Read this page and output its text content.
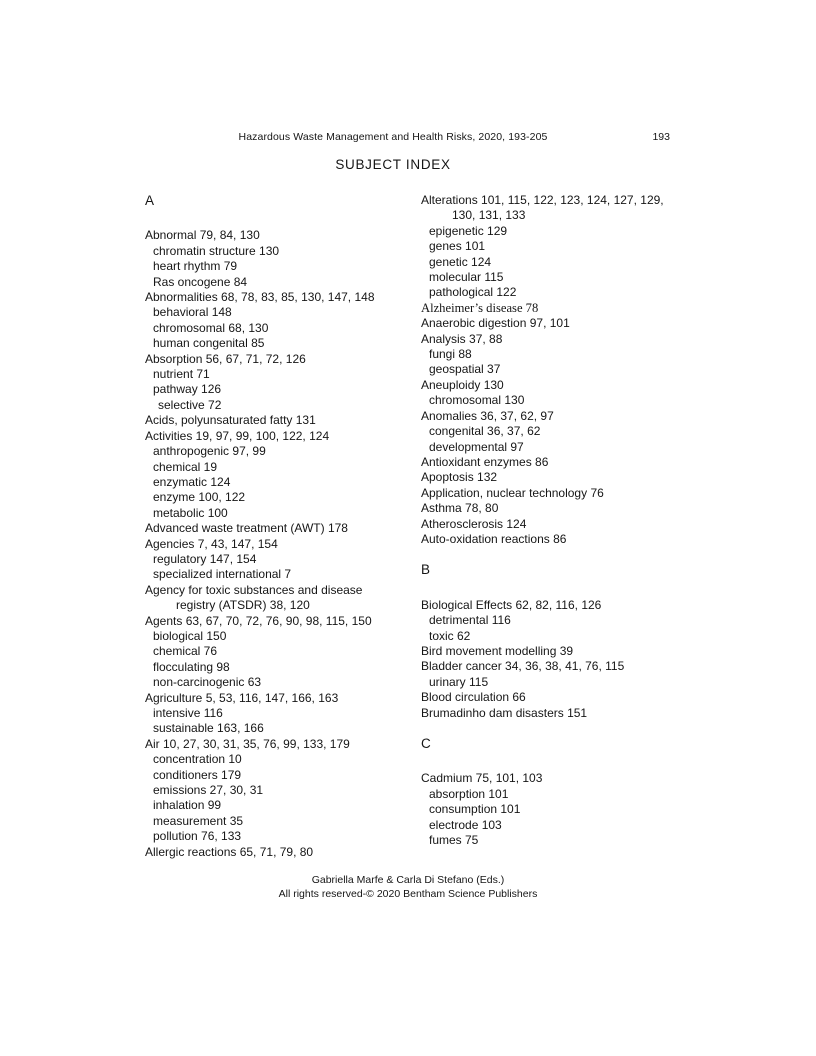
Hazardous Waste Management and Health Risks, 2020, 193-205	193
SUBJECT INDEX
A
Abnormal 79, 84, 130
chromatin structure 130
heart rhythm 79
Ras oncogene 84
Abnormalities 68, 78, 83, 85, 130, 147, 148
behavioral 148
chromosomal 68, 130
human congenital 85
Absorption 56, 67, 71, 72, 126
nutrient 71
pathway 126
selective 72
Acids, polyunsaturated fatty 131
Activities 19, 97, 99, 100, 122, 124
anthropogenic 97, 99
chemical 19
enzymatic 124
enzyme 100, 122
metabolic 100
Advanced waste treatment (AWT) 178
Agencies 7, 43, 147, 154
regulatory 147, 154
specialized international 7
Agency for toxic substances and disease
registry (ATSDR) 38, 120
Agents 63, 67, 70, 72, 76, 90, 98, 115, 150
biological 150
chemical 76
flocculating 98
non-carcinogenic 63
Agriculture 5, 53, 116, 147, 166, 163
intensive 116
sustainable 163, 166
Air 10, 27, 30, 31, 35, 76, 99, 133, 179
concentration 10
conditioners 179
emissions 27, 30, 31
inhalation 99
measurement 35
pollution 76, 133
Allergic reactions 65, 71, 79, 80
Alterations 101, 115, 122, 123, 124, 127, 129,
130, 131, 133
epigenetic 129
genes 101
genetic 124
molecular 115
pathological 122
Alzheimer’s disease 78
Anaerobic digestion 97, 101
Analysis 37, 88
fungi 88
geospatial 37
Aneuploidy 130
chromosomal 130
Anomalies 36, 37, 62, 97
congenital 36, 37, 62
developmental 97
Antioxidant enzymes 86
Apoptosis 132
Application, nuclear technology 76
Asthma 78, 80
Atherosclerosis 124
Auto-oxidation reactions 86
B
Biological Effects 62, 82, 116, 126
detrimental 116
toxic 62
Bird movement modelling 39
Bladder cancer 34, 36, 38, 41, 76, 115
urinary 115
Blood circulation 66
Brumadinho dam disasters 151
C
Cadmium 75, 101, 103
absorption 101
consumption 101
electrode 103
fumes 75
Gabriella Marfe & Carla Di Stefano (Eds.)
All rights reserved-© 2020 Bentham Science Publishers
